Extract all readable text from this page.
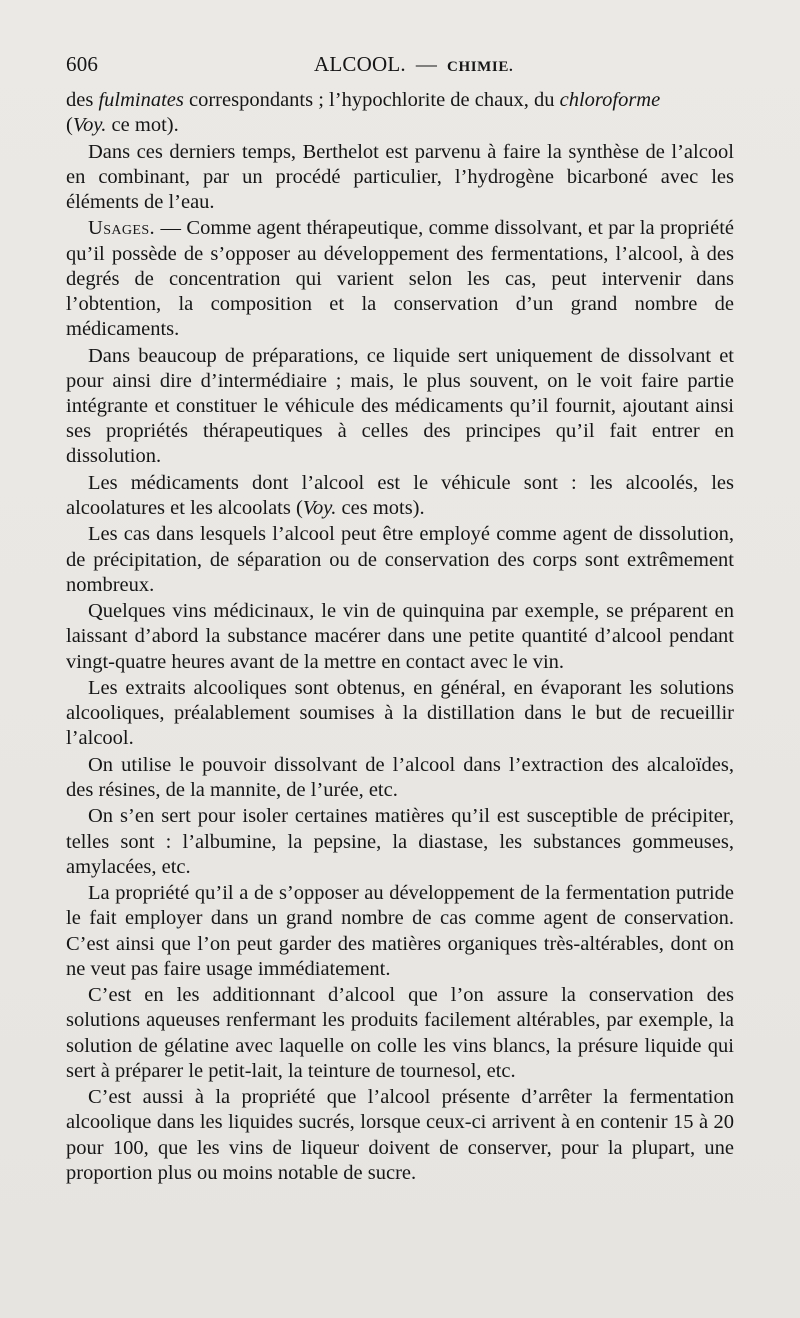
606	ALCOOL. — CHIMIE.

des fulminates correspondants ; l’hypochlorite de chaux, du chloroforme
(Voy. ce mot).

Dans ces derniers temps, Berthelot est parvenu à faire la synthèse de l’alcool en combinant, par un procédé particulier, l’hydrogène bicarboné avec les éléments de l’eau.

Usages. — Comme agent thérapeutique, comme dissolvant, et par la propriété qu’il possède de s’opposer au développement des fermentations, l’alcool, à des degrés de concentration qui varient selon les cas, peut intervenir dans l’obtention, la composition et la conservation d’un grand nombre de médicaments.

Dans beaucoup de préparations, ce liquide sert uniquement de dissolvant et pour ainsi dire d’intermédiaire ; mais, le plus souvent, on le voit faire partie intégrante et constituer le véhicule des médicaments qu’il fournit, ajoutant ainsi ses propriétés thérapeutiques à celles des principes qu’il fait entrer en dissolution.

Les médicaments dont l’alcool est le véhicule sont : les alcoolés, les alcoolatures et les alcoolats (Voy. ces mots).

Les cas dans lesquels l’alcool peut être employé comme agent de dissolution, de précipitation, de séparation ou de conservation des corps sont extrêmement nombreux.

Quelques vins médicinaux, le vin de quinquina par exemple, se préparent en laissant d’abord la substance macérer dans une petite quantité d’alcool pendant vingt-quatre heures avant de la mettre en contact avec le vin.

Les extraits alcooliques sont obtenus, en général, en évaporant les solutions alcooliques, préalablement soumises à la distillation dans le but de recueillir l’alcool.

On utilise le pouvoir dissolvant de l’alcool dans l’extraction des alcaloïdes, des résines, de la mannite, de l’urée, etc.

On s’en sert pour isoler certaines matières qu’il est susceptible de précipiter, telles sont : l’albumine, la pepsine, la diastase, les substances gommeuses, amylacées, etc.

La propriété qu’il a de s’opposer au développement de la fermentation putride le fait employer dans un grand nombre de cas comme agent de conservation. C’est ainsi que l’on peut garder des matières organiques très-altérables, dont on ne veut pas faire usage immédiatement.

C’est en les additionnant d’alcool que l’on assure la conservation des solutions aqueuses renfermant les produits facilement altérables, par exemple, la solution de gélatine avec laquelle on colle les vins blancs, la présure liquide qui sert à préparer le petit-lait, la teinture de tournesol, etc.

C’est aussi à la propriété que l’alcool présente d’arrêter la fermentation alcoolique dans les liquides sucrés, lorsque ceux-ci arrivent à en contenir 15 à 20 pour 100, que les vins de liqueur doivent de conserver, pour la plupart, une proportion plus ou moins notable de sucre.
